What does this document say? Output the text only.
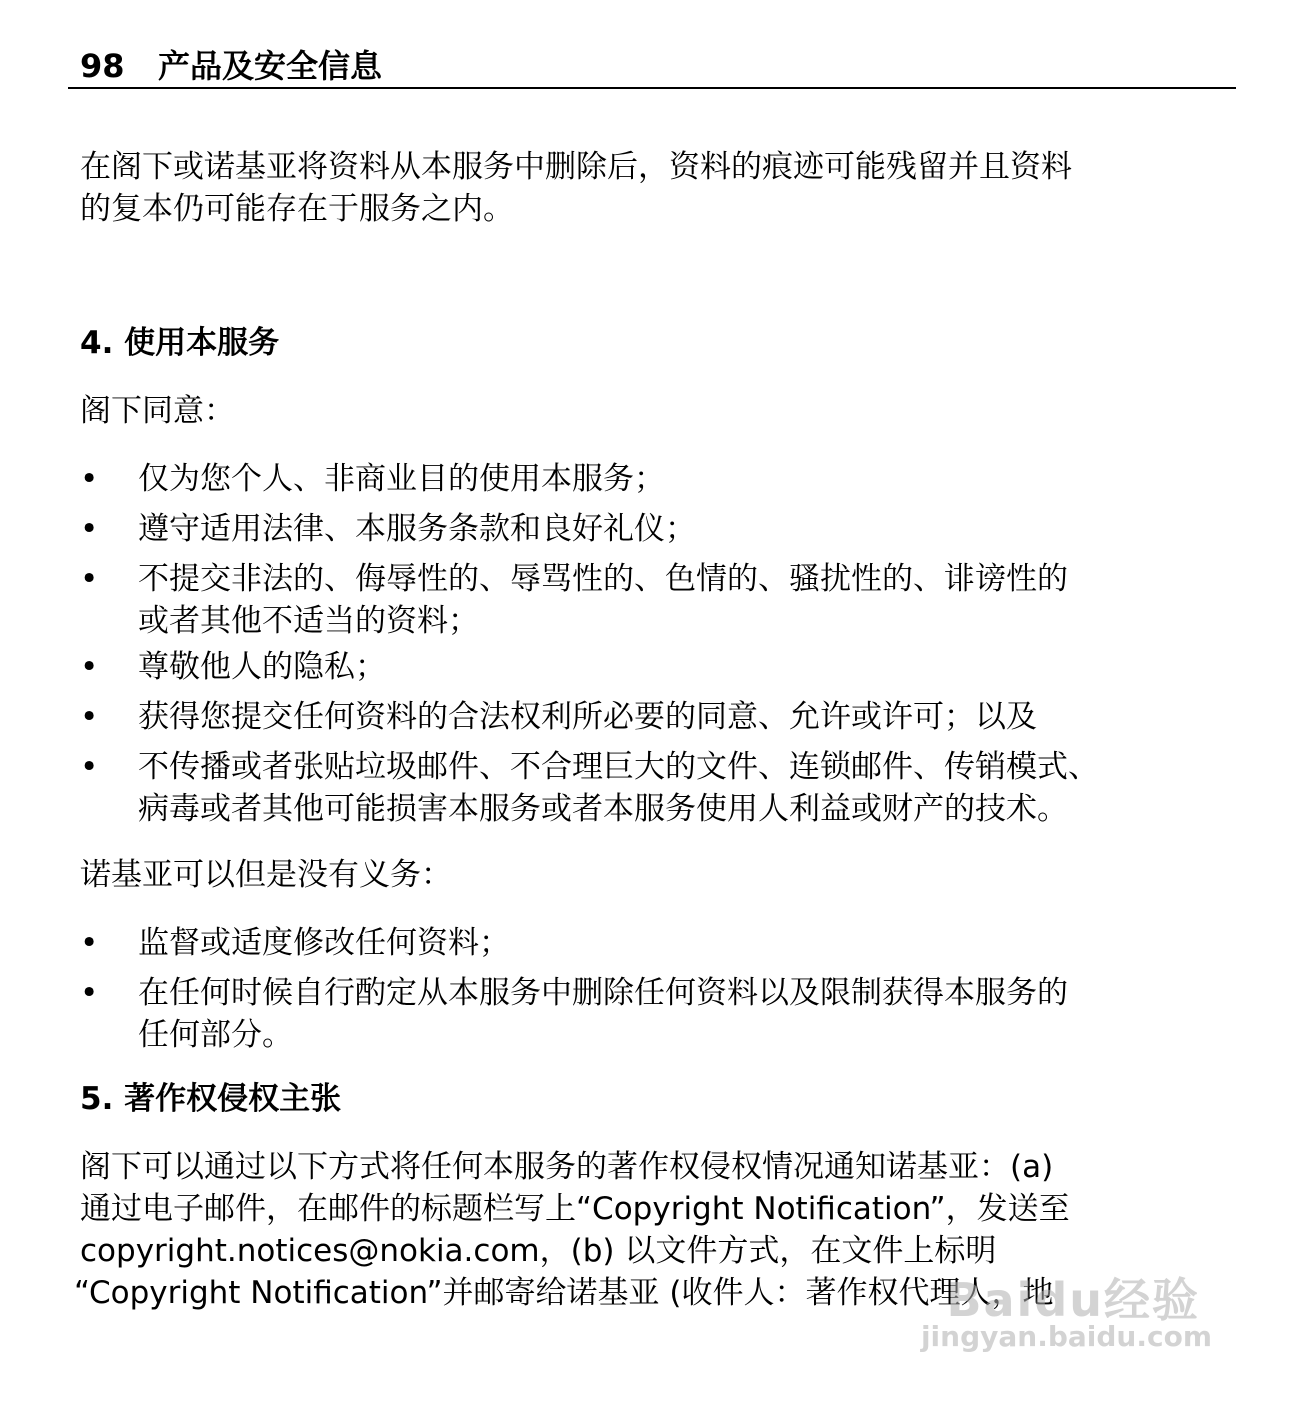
98 产品及安全信息
在阁下或诺基亚将资料从本服务中删除后，资料的痕迹可能残留并且资料
的复本仍可能存在于服务之内。
4. 使用本服务
阁下同意：
• 仅为您个人、非商业目的使用本服务；
• 遵守适用法律、本服务条款和良好礼仪；
• 不提交非法的、侮辱性的、辱骂性的、色情的、骚扰性的、诽谤性的
或者其他不适当的资料；
• 尊敬他人的隐私；
• 获得您提交任何资料的合法权利所必要的同意、允许或许可；以及
• 不传播或者张贴垃圾邮件、不合理巨大的文件、连锁邮件、传销模式、
病毒或者其他可能损害本服务或者本服务使用人利益或财产的技术。
诺基亚可以但是没有义务：
• 监督或适度修改任何资料；
• 在任何时候自行酌定从本服务中删除任何资料以及限制获得本服务的
任何部分。
5. 著作权侵权主张
阁下可以通过以下方式将任何本服务的著作权侵权情况通知诺基亚：(a)
通过电子邮件，在邮件的标题栏写上“Copyright Notification”，发送至
copyright.notices@nokia.com，(b) 以文件方式，在文件上标明
“Copyright Notification”并邮寄给诺基亚 (收件人：著作权代理人，地
Baidu经验
jingyan.baidu.com
